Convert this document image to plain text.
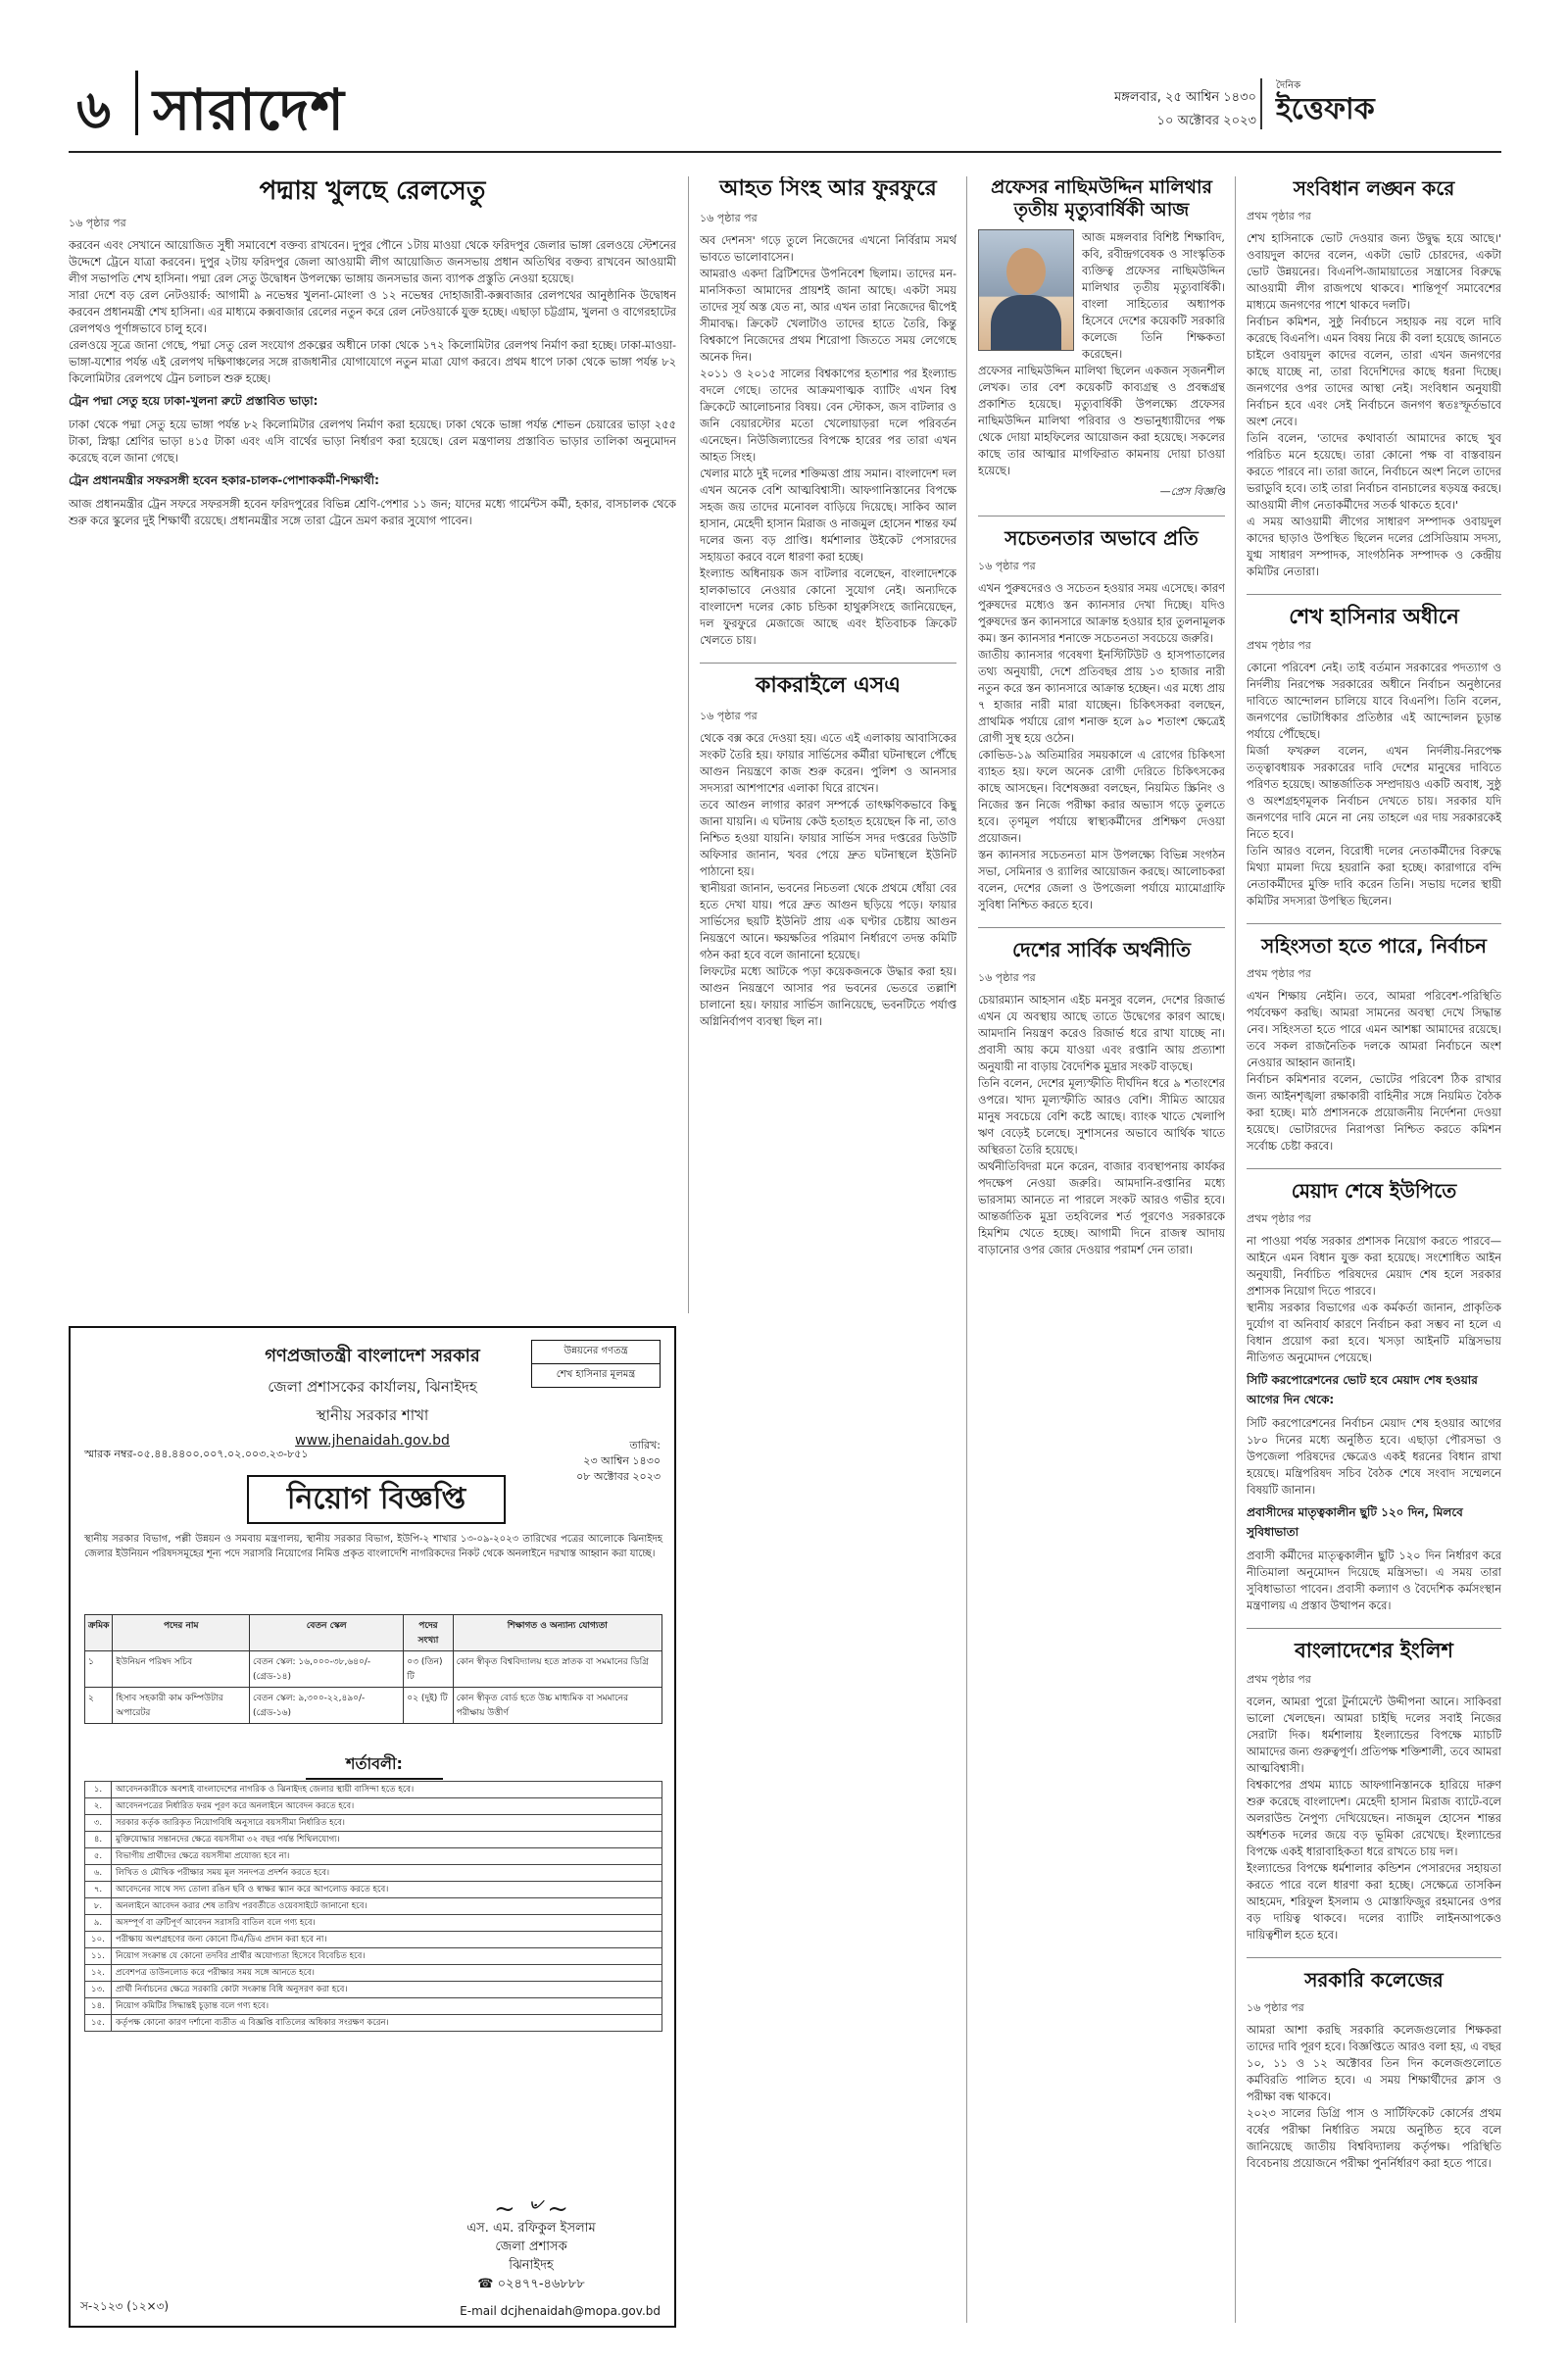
৬ সারাদেশ	মঙ্গলবার, ২৫ আশ্বিন ১৪৩০
১০ অক্টোবর ২০২৩
দৈনিক
ইত্তেফাক
পদ্মায় খুলছে রেলসেতু

১৬ পৃষ্ঠার পর

করবেন এবং সেখানে আয়োজিত সুধী সমাবেশে বক্তব্য রাখবেন। দুপুর পৌনে ১টায় মাওয়া থেকে ফরিদপুর জেলার ভাঙ্গা রেলওয়ে স্টেশনের উদ্দেশে ট্রেনে যাত্রা করবেন। দুপুর ২টায় ফরিদপুর জেলা আওয়ামী লীগ আয়োজিত জনসভায় প্রধান অতিথির বক্তব্য রাখবেন আওয়ামী লীগ সভাপতি শেখ হাসিনা। পদ্মা রেল সেতু উদ্বোধন উপলক্ষ্যে ভাঙ্গায় জনসভার জন্য ব্যাপক প্রস্তুতি নেওয়া হয়েছে।

সারা দেশে বড় রেল নেটওয়ার্ক: আগামী ৯ নভেম্বর খুলনা-মোংলা ও ১২ নভেম্বর দোহাজারী-কক্সবাজার রেলপথের আনুষ্ঠানিক উদ্বোধন করবেন প্রধানমন্ত্রী শেখ হাসিনা। এর মাধ্যমে কক্সবাজার রেলের নতুন করে রেল নেটওয়ার্কে যুক্ত হচ্ছে। এছাড়া চট্টগ্রাম, খুলনা ও বাগেরহাটের রেলপথও পূর্ণাঙ্গভাবে চালু হবে।

রেলওয়ে সূত্রে জানা গেছে, পদ্মা সেতু রেল সংযোগ প্রকল্পের অধীনে ঢাকা থেকে ১৭২ কিলোমিটার রেলপথ নির্মাণ করা হচ্ছে। ঢাকা-মাওয়া-ভাঙ্গা-যশোর পর্যন্ত এই রেলপথ দক্ষিণাঞ্চলের সঙ্গে রাজধানীর যোগাযোগে নতুন মাত্রা যোগ করবে। প্রথম ধাপে ঢাকা থেকে ভাঙ্গা পর্যন্ত ৮২ কিলোমিটার রেলপথে ট্রেন চলাচল শুরু হচ্ছে।

ট্রেন পদ্মা সেতু হয়ে ঢাকা-খুলনা রুটে প্রস্তাবিত ভাড়া:

ঢাকা থেকে পদ্মা সেতু হয়ে ভাঙ্গা পর্যন্ত ৮২ কিলোমিটার রেলপথ নির্মাণ করা হয়েছে। ঢাকা থেকে ভাঙ্গা পর্যন্ত শোভন চেয়ারের ভাড়া ২৫৫ টাকা, স্নিগ্ধা শ্রেণির ভাড়া ৪১৫ টাকা এবং এসি বার্থের ভাড়া নির্ধারণ করা হয়েছে। রেল মন্ত্রণালয় প্রস্তাবিত ভাড়ার তালিকা অনুমোদন করেছে বলে জানা গেছে।

ট্রেন প্রধানমন্ত্রীর সফরসঙ্গী হবেন হকার-চালক-পোশাককর্মী-শিক্ষার্থী:

আজ প্রধানমন্ত্রীর ট্রেন সফরে সফরসঙ্গী হবেন ফরিদপুরের বিভিন্ন শ্রেণি-পেশার ১১ জন; যাদের মধ্যে গার্মেন্টস কর্মী, হকার, বাসচালক থেকে শুরু করে স্কুলের দুই শিক্ষার্থী রয়েছে। প্রধানমন্ত্রীর সঙ্গে তারা ট্রেনে ভ্রমণ করার সুযোগ পাবেন।

উন্নয়নের গণতন্ত্র
শেখ হাসিনার মূলমন্ত্র
গণপ্রজাতন্ত্রী বাংলাদেশ সরকার
জেলা প্রশাসকের কার্যালয়, ঝিনাইদহ
স্থানীয় সরকার শাখা
www.jhenaidah.gov.bd
স্মারক নম্বর-০৫.৪৪.৪৪০০.০০৭.০২.০০৩.২৩-৮৫১
তারিখ:
২৩ আশ্বিন ১৪৩০
০৮ অক্টোবর ২০২৩
নিয়োগ বিজ্ঞপ্তি
স্থানীয় সরকার বিভাগ, পল্লী উন্নয়ন ও সমবায় মন্ত্রণালয়, স্থানীয় সরকার বিভাগ, ইউপি-২ শাখার ১৩-০৯-২০২৩ তারিখের পত্রের আলোকে ঝিনাইদহ জেলার ইউনিয়ন পরিষদসমূহের শূন্য পদে সরাসরি নিয়োগের নিমিত্ত প্রকৃত বাংলাদেশি নাগরিকদের নিকট থেকে অনলাইনে দরখাস্ত আহ্বান করা যাচ্ছে।
ক্রমিক	পদের নাম	বেতন স্কেল	পদের সংখ্যা	শিক্ষাগত ও অন্যান্য যোগ্যতা
১	ইউনিয়ন পরিষদ সচিব	বেতন স্কেল: ১৬,০০০-৩৮,৬৪০/- (গ্রেড-১৪)	০৩ (তিন) টি	কোন স্বীকৃত বিশ্ববিদ্যালয় হতে স্নাতক বা সমমানের ডিগ্রি
২	হিসাব সহকারী কাম কম্পিউটার অপারেটর	বেতন স্কেল: ৯,৩০০-২২,৪৯০/- (গ্রেড-১৬)	০২ (দুই) টি	কোন স্বীকৃত বোর্ড হতে উচ্চ মাধ্যমিক বা সমমানের পরীক্ষায় উত্তীর্ণ
শর্তাবলী:
১.	আবেদনকারীকে অবশ্যই বাংলাদেশের নাগরিক ও ঝিনাইদহ জেলার স্থায়ী বাসিন্দা হতে হবে।
২.	আবেদনপত্রের নির্ধারিত ফরম পূরণ করে অনলাইনে আবেদন করতে হবে।
৩.	সরকার কর্তৃক জারিকৃত নিয়োগবিধি অনুসারে বয়সসীমা নির্ধারিত হবে।
৪.	মুক্তিযোদ্ধার সন্তানদের ক্ষেত্রে বয়সসীমা ৩২ বছর পর্যন্ত শিথিলযোগ্য।
৫.	বিভাগীয় প্রার্থীদের ক্ষেত্রে বয়সসীমা প্রযোজ্য হবে না।
৬.	লিখিত ও মৌখিক পরীক্ষার সময় মূল সনদপত্র প্রদর্শন করতে হবে।
৭.	আবেদনের সাথে সদ্য তোলা রঙিন ছবি ও স্বাক্ষর স্ক্যান করে আপলোড করতে হবে।
৮.	অনলাইনে আবেদন করার শেষ তারিখ পরবর্তীতে ওয়েবসাইটে জানানো হবে।
৯.	অসম্পূর্ণ বা ত্রুটিপূর্ণ আবেদন সরাসরি বাতিল বলে গণ্য হবে।
১০.	পরীক্ষায় অংশগ্রহণের জন্য কোনো টিএ/ডিএ প্রদান করা হবে না।
১১.	নিয়োগ সংক্রান্ত যে কোনো তদবির প্রার্থীর অযোগ্যতা হিসেবে বিবেচিত হবে।
১২.	প্রবেশপত্র ডাউনলোড করে পরীক্ষার সময় সঙ্গে আনতে হবে।
১৩.	প্রার্থী নির্বাচনের ক্ষেত্রে সরকারি কোটা সংক্রান্ত বিধি অনুসরণ করা হবে।
১৪.	নিয়োগ কমিটির সিদ্ধান্তই চূড়ান্ত বলে গণ্য হবে।
১৫.	কর্তৃপক্ষ কোনো কারণ দর্শানো ব্যতীত এ বিজ্ঞপ্তি বাতিলের অধিকার সংরক্ষণ করেন।
~ ৺ ~
এস. এম. রফিকুল ইসলাম
জেলা প্রশাসক
ঝিনাইদহ
☎ ০২৪৭৭-৪৬৮৮৮
স-২১২৩ (১২×৩)	E-mail dcjhenaidah@mopa.gov.bd
আহত সিংহ আর ফুরফুরে

১৬ পৃষ্ঠার পর

অব দেশনস' গড়ে তুলে নিজেদের এখনো নির্বিরাম সমর্থ ভাবতে ভালোবাসেন।

আমরাও একদা ব্রিটিশদের উপনিবেশ ছিলাম। তাদের মন-মানসিকতা আমাদের প্রায়শই জানা আছে। একটা সময় তাদের সূর্য অস্ত যেত না, আর এখন তারা নিজেদের দ্বীপেই সীমাবদ্ধ। ক্রিকেট খেলাটাও তাদের হাতে তৈরি, কিন্তু বিশ্বকাপে নিজেদের প্রথম শিরোপা জিততে সময় লেগেছে অনেক দিন।

২০১১ ও ২০১৫ সালের বিশ্বকাপের হতাশার পর ইংল্যান্ড বদলে গেছে। তাদের আক্রমণাত্মক ব্যাটিং এখন বিশ্ব ক্রিকেটে আলোচনার বিষয়। বেন স্টোকস, জস বাটলার ও জনি বেয়ারস্টোর মতো খেলোয়াড়রা দলে পরিবর্তন এনেছেন। নিউজিল্যান্ডের বিপক্ষে হারের পর তারা এখন আহত সিংহ।

খেলার মাঠে দুই দলের শক্তিমত্তা প্রায় সমান। বাংলাদেশ দল এখন অনেক বেশি আত্মবিশ্বাসী। আফগানিস্তানের বিপক্ষে সহজ জয় তাদের মনোবল বাড়িয়ে দিয়েছে। সাকিব আল হাসান, মেহেদী হাসান মিরাজ ও নাজমুল হোসেন শান্তর ফর্ম দলের জন্য বড় প্রাপ্তি। ধর্মশালার উইকেট পেসারদের সহায়তা করবে বলে ধারণা করা হচ্ছে।

ইংল্যান্ড অধিনায়ক জস বাটলার বলেছেন, বাংলাদেশকে হালকাভাবে নেওয়ার কোনো সুযোগ নেই। অন্যদিকে বাংলাদেশ দলের কোচ চন্ডিকা হাথুরুসিংহে জানিয়েছেন, দল ফুরফুরে মেজাজে আছে এবং ইতিবাচক ক্রিকেট খেলতে চায়।

কাকরাইলে এসএ

১৬ পৃষ্ঠার পর

থেকে বক্স করে দেওয়া হয়। এতে এই এলাকায় আবাসিকের সংকট তৈরি হয়। ফায়ার সার্ভিসের কর্মীরা ঘটনাস্থলে পৌঁছে আগুন নিয়ন্ত্রণে কাজ শুরু করেন। পুলিশ ও আনসার সদস্যরা আশপাশের এলাকা ঘিরে রাখেন।

তবে আগুন লাগার কারণ সম্পর্কে তাৎক্ষণিকভাবে কিছু জানা যায়নি। এ ঘটনায় কেউ হতাহত হয়েছেন কি না, তাও নিশ্চিত হওয়া যায়নি। ফায়ার সার্ভিস সদর দপ্তরের ডিউটি অফিসার জানান, খবর পেয়ে দ্রুত ঘটনাস্থলে ইউনিট পাঠানো হয়।

স্থানীয়রা জানান, ভবনের নিচতলা থেকে প্রথমে ধোঁয়া বের হতে দেখা যায়। পরে দ্রুত আগুন ছড়িয়ে পড়ে। ফায়ার সার্ভিসের ছয়টি ইউনিট প্রায় এক ঘণ্টার চেষ্টায় আগুন নিয়ন্ত্রণে আনে। ক্ষয়ক্ষতির পরিমাণ নির্ধারণে তদন্ত কমিটি গঠন করা হবে বলে জানানো হয়েছে।

লিফটের মধ্যে আটকে পড়া কয়েকজনকে উদ্ধার করা হয়। আগুন নিয়ন্ত্রণে আসার পর ভবনের ভেতরে তল্লাশি চালানো হয়। ফায়ার সার্ভিস জানিয়েছে, ভবনটিতে পর্যাপ্ত অগ্নিনির্বাপণ ব্যবস্থা ছিল না।

প্রফেসর নাছিমউদ্দিন মালিথার তৃতীয় মৃত্যুবার্ষিকী আজ

আজ মঙ্গলবার বিশিষ্ট শিক্ষাবিদ, কবি, রবীন্দ্রগবেষক ও সাংস্কৃতিক ব্যক্তিত্ব প্রফেসর নাছিমউদ্দিন মালিথার তৃতীয় মৃত্যুবার্ষিকী। বাংলা সাহিত্যের অধ্যাপক হিসেবে দেশের কয়েকটি সরকারি কলেজে তিনি শিক্ষকতা করেছেন।

প্রফেসর নাছিমউদ্দিন মালিথা ছিলেন একজন সৃজনশীল লেখক। তার বেশ কয়েকটি কাব্যগ্রন্থ ও প্রবন্ধগ্রন্থ প্রকাশিত হয়েছে। মৃত্যুবার্ষিকী উপলক্ষ্যে প্রফেসর নাছিমউদ্দিন মালিথা পরিবার ও শুভানুধ্যায়ীদের পক্ষ থেকে দোয়া মাহফিলের আয়োজন করা হয়েছে। সকলের কাছে তার আত্মার মাগফিরাত কামনায় দোয়া চাওয়া হয়েছে।

—প্রেস বিজ্ঞপ্তি

সচেতনতার অভাবে প্রতি

১৬ পৃষ্ঠার পর

এখন পুরুষদেরও ও সচেতন হওয়ার সময় এসেছে। কারণ পুরুষদের মধ্যেও স্তন ক্যানসার দেখা দিচ্ছে। যদিও পুরুষদের স্তন ক্যানসারে আক্রান্ত হওয়ার হার তুলনামূলক কম। স্তন ক্যানসার শনাক্তে সচেতনতা সবচেয়ে জরুরি।

জাতীয় ক্যানসার গবেষণা ইনস্টিটিউট ও হাসপাতালের তথ্য অনুযায়ী, দেশে প্রতিবছর প্রায় ১৩ হাজার নারী নতুন করে স্তন ক্যানসারে আক্রান্ত হচ্ছেন। এর মধ্যে প্রায় ৭ হাজার নারী মারা যাচ্ছেন। চিকিৎসকরা বলছেন, প্রাথমিক পর্যায়ে রোগ শনাক্ত হলে ৯০ শতাংশ ক্ষেত্রেই রোগী সুস্থ হয়ে ওঠেন।

কোভিড-১৯ অতিমারির সময়কালে এ রোগের চিকিৎসা ব্যাহত হয়। ফলে অনেক রোগী দেরিতে চিকিৎসকের কাছে আসছেন। বিশেষজ্ঞরা বলছেন, নিয়মিত স্ক্রিনিং ও নিজের স্তন নিজে পরীক্ষা করার অভ্যাস গড়ে তুলতে হবে। তৃণমূল পর্যায়ে স্বাস্থ্যকর্মীদের প্রশিক্ষণ দেওয়া প্রয়োজন।

স্তন ক্যানসার সচেতনতা মাস উপলক্ষ্যে বিভিন্ন সংগঠন সভা, সেমিনার ও র‍্যালির আয়োজন করছে। আলোচকরা বলেন, দেশের জেলা ও উপজেলা পর্যায়ে ম্যামোগ্রাফি সুবিধা নিশ্চিত করতে হবে।

দেশের সার্বিক অর্থনীতি

১৬ পৃষ্ঠার পর

চেয়ারম্যান আহসান এইচ মনসুর বলেন, দেশের রিজার্ভ এখন যে অবস্থায় আছে তাতে উদ্বেগের কারণ আছে। আমদানি নিয়ন্ত্রণ করেও রিজার্ভ ধরে রাখা যাচ্ছে না। প্রবাসী আয় কমে যাওয়া এবং রপ্তানি আয় প্রত্যাশা অনুযায়ী না বাড়ায় বৈদেশিক মুদ্রার সংকট বাড়ছে।

তিনি বলেন, দেশের মূল্যস্ফীতি দীর্ঘদিন ধরে ৯ শতাংশের ওপরে। খাদ্য মূল্যস্ফীতি আরও বেশি। সীমিত আয়ের মানুষ সবচেয়ে বেশি কষ্টে আছে। ব্যাংক খাতে খেলাপি ঋণ বেড়েই চলেছে। সুশাসনের অভাবে আর্থিক খাতে অস্থিরতা তৈরি হয়েছে।

অর্থনীতিবিদরা মনে করেন, বাজার ব্যবস্থাপনায় কার্যকর পদক্ষেপ নেওয়া জরুরি। আমদানি-রপ্তানির মধ্যে ভারসাম্য আনতে না পারলে সংকট আরও গভীর হবে। আন্তর্জাতিক মুদ্রা তহবিলের শর্ত পূরণেও সরকারকে হিমশিম খেতে হচ্ছে। আগামী দিনে রাজস্ব আদায় বাড়ানোর ওপর জোর দেওয়ার পরামর্শ দেন তারা।

সংবিধান লঙ্ঘন করে

প্রথম পৃষ্ঠার পর

শেখ হাসিনাকে ভোট দেওয়ার জন্য উদ্বুদ্ধ হয়ে আছে।' ওবায়দুল কাদের বলেন, একটা ভোট চোরদের, একটা ভোট উন্নয়নের। বিএনপি-জামায়াতের সন্ত্রাসের বিরুদ্ধে আওয়ামী লীগ রাজপথে থাকবে। শান্তিপূর্ণ সমাবেশের মাধ্যমে জনগণের পাশে থাকবে দলটি।

নির্বাচন কমিশন, সুষ্ঠু নির্বাচনে সহায়ক নয় বলে দাবি করেছে বিএনপি। এমন বিষয় নিয়ে কী বলা হয়েছে জানতে চাইলে ওবায়দুল কাদের বলেন, তারা এখন জনগণের কাছে যাচ্ছে না, তারা বিদেশিদের কাছে ধরনা দিচ্ছে। জনগণের ওপর তাদের আস্থা নেই। সংবিধান অনুযায়ী নির্বাচন হবে এবং সেই নির্বাচনে জনগণ স্বতঃস্ফূর্তভাবে অংশ নেবে।

তিনি বলেন, 'তাদের কথাবার্তা আমাদের কাছে খুব পরিচিত মনে হয়েছে। তারা কোনো পক্ষ বা বাস্তবায়ন করতে পারবে না। তারা জানে, নির্বাচনে অংশ নিলে তাদের ভরাডুবি হবে। তাই তারা নির্বাচন বানচালের ষড়যন্ত্র করছে। আওয়ামী লীগ নেতাকর্মীদের সতর্ক থাকতে হবে।'

এ সময় আওয়ামী লীগের সাধারণ সম্পাদক ওবায়দুল কাদের ছাড়াও উপস্থিত ছিলেন দলের প্রেসিডিয়াম সদস্য, যুগ্ম সাধারণ সম্পাদক, সাংগঠনিক সম্পাদক ও কেন্দ্রীয় কমিটির নেতারা।

শেখ হাসিনার অধীনে

প্রথম পৃষ্ঠার পর

কোনো পরিবেশ নেই। তাই বর্তমান সরকারের পদত্যাগ ও নির্দলীয় নিরপেক্ষ সরকারের অধীনে নির্বাচন অনুষ্ঠানের দাবিতে আন্দোলন চালিয়ে যাবে বিএনপি। তিনি বলেন, জনগণের ভোটাধিকার প্রতিষ্ঠার এই আন্দোলন চূড়ান্ত পর্যায়ে পৌঁছেছে।

মির্জা ফখরুল বলেন, এখন নির্দলীয়-নিরপেক্ষ তত্ত্বাবধায়ক সরকারের দাবি দেশের মানুষের দাবিতে পরিণত হয়েছে। আন্তর্জাতিক সম্প্রদায়ও একটি অবাধ, সুষ্ঠু ও অংশগ্রহণমূলক নির্বাচন দেখতে চায়। সরকার যদি জনগণের দাবি মেনে না নেয় তাহলে এর দায় সরকারকেই নিতে হবে।

তিনি আরও বলেন, বিরোধী দলের নেতাকর্মীদের বিরুদ্ধে মিথ্যা মামলা দিয়ে হয়রানি করা হচ্ছে। কারাগারে বন্দি নেতাকর্মীদের মুক্তি দাবি করেন তিনি। সভায় দলের স্থায়ী কমিটির সদস্যরা উপস্থিত ছিলেন।

সহিংসতা হতে পারে, নির্বাচন

প্রথম পৃষ্ঠার পর

এখন শিক্ষায় নেইনি। তবে, আমরা পরিবেশ-পরিস্থিতি পর্যবেক্ষণ করছি। আমরা সামনের অবস্থা দেখে সিদ্ধান্ত নেব। সহিংসতা হতে পারে এমন আশঙ্কা আমাদের রয়েছে। তবে সকল রাজনৈতিক দলকে আমরা নির্বাচনে অংশ নেওয়ার আহ্বান জানাই।

নির্বাচন কমিশনার বলেন, ভোটের পরিবেশ ঠিক রাখার জন্য আইনশৃঙ্খলা রক্ষাকারী বাহিনীর সঙ্গে নিয়মিত বৈঠক করা হচ্ছে। মাঠ প্রশাসনকে প্রয়োজনীয় নির্দেশনা দেওয়া হয়েছে। ভোটারদের নিরাপত্তা নিশ্চিত করতে কমিশন সর্বোচ্চ চেষ্টা করবে।

মেয়াদ শেষে ইউপিতে

প্রথম পৃষ্ঠার পর

না পাওয়া পর্যন্ত সরকার প্রশাসক নিয়োগ করতে পারবে—আইনে এমন বিধান যুক্ত করা হয়েছে। সংশোধিত আইন অনুযায়ী, নির্বাচিত পরিষদের মেয়াদ শেষ হলে সরকার প্রশাসক নিয়োগ দিতে পারবে।

স্থানীয় সরকার বিভাগের এক কর্মকর্তা জানান, প্রাকৃতিক দুর্যোগ বা অনিবার্য কারণে নির্বাচন করা সম্ভব না হলে এ বিধান প্রয়োগ করা হবে। খসড়া আইনটি মন্ত্রিসভায় নীতিগত অনুমোদন পেয়েছে।

সিটি করপোরেশনের ভোট হবে মেয়াদ শেষ হওয়ার আগের দিন থেকে:

সিটি করপোরেশনের নির্বাচন মেয়াদ শেষ হওয়ার আগের ১৮০ দিনের মধ্যে অনুষ্ঠিত হবে। এছাড়া পৌরসভা ও উপজেলা পরিষদের ক্ষেত্রেও একই ধরনের বিধান রাখা হয়েছে। মন্ত্রিপরিষদ সচিব বৈঠক শেষে সংবাদ সম্মেলনে বিষয়টি জানান।

প্রবাসীদের মাতৃত্বকালীন ছুটি ১২০ দিন, মিলবে সুবিধাভাতা

প্রবাসী কর্মীদের মাতৃত্বকালীন ছুটি ১২০ দিন নির্ধারণ করে নীতিমালা অনুমোদন দিয়েছে মন্ত্রিসভা। এ সময় তারা সুবিধাভাতা পাবেন। প্রবাসী কল্যাণ ও বৈদেশিক কর্মসংস্থান মন্ত্রণালয় এ প্রস্তাব উত্থাপন করে।

বাংলাদেশের ইংলিশ

প্রথম পৃষ্ঠার পর

বলেন, আমরা পুরো টুর্নামেন্টে উদ্দীপনা আনে। সাকিবরা ভালো খেলছেন। আমরা চাইছি দলের সবাই নিজের সেরাটা দিক। ধর্মশালায় ইংল্যান্ডের বিপক্ষে ম্যাচটি আমাদের জন্য গুরুত্বপূর্ণ। প্রতিপক্ষ শক্তিশালী, তবে আমরা আত্মবিশ্বাসী।

বিশ্বকাপের প্রথম ম্যাচে আফগানিস্তানকে হারিয়ে দারুণ শুরু করেছে বাংলাদেশ। মেহেদী হাসান মিরাজ ব্যাটে-বলে অলরাউন্ড নৈপুণ্য দেখিয়েছেন। নাজমুল হোসেন শান্তর অর্ধশতক দলের জয়ে বড় ভূমিকা রেখেছে। ইংল্যান্ডের বিপক্ষে একই ধারাবাহিকতা ধরে রাখতে চায় দল।

ইংল্যান্ডের বিপক্ষে ধর্মশালার কন্ডিশন পেসারদের সহায়তা করতে পারে বলে ধারণা করা হচ্ছে। সেক্ষেত্রে তাসকিন আহমেদ, শরিফুল ইসলাম ও মোস্তাফিজুর রহমানের ওপর বড় দায়িত্ব থাকবে। দলের ব্যাটিং লাইনআপকেও দায়িত্বশীল হতে হবে।

সরকারি কলেজের

১৬ পৃষ্ঠার পর

আমরা আশা করছি সরকারি কলেজগুলোর শিক্ষকরা তাদের দাবি পূরণ হবে। বিজ্ঞপ্তিতে আরও বলা হয়, এ বছর ১০, ১১ ও ১২ অক্টোবর তিন দিন কলেজগুলোতে কর্মবিরতি পালিত হবে। এ সময় শিক্ষার্থীদের ক্লাস ও পরীক্ষা বন্ধ থাকবে।

২০২৩ সালের ডিগ্রি পাস ও সার্টিফিকেট কোর্সের প্রথম বর্ষের পরীক্ষা নির্ধারিত সময়ে অনুষ্ঠিত হবে বলে জানিয়েছে জাতীয় বিশ্ববিদ্যালয় কর্তৃপক্ষ। পরিস্থিতি বিবেচনায় প্রয়োজনে পরীক্ষা পুনর্নির্ধারণ করা হতে পারে।
